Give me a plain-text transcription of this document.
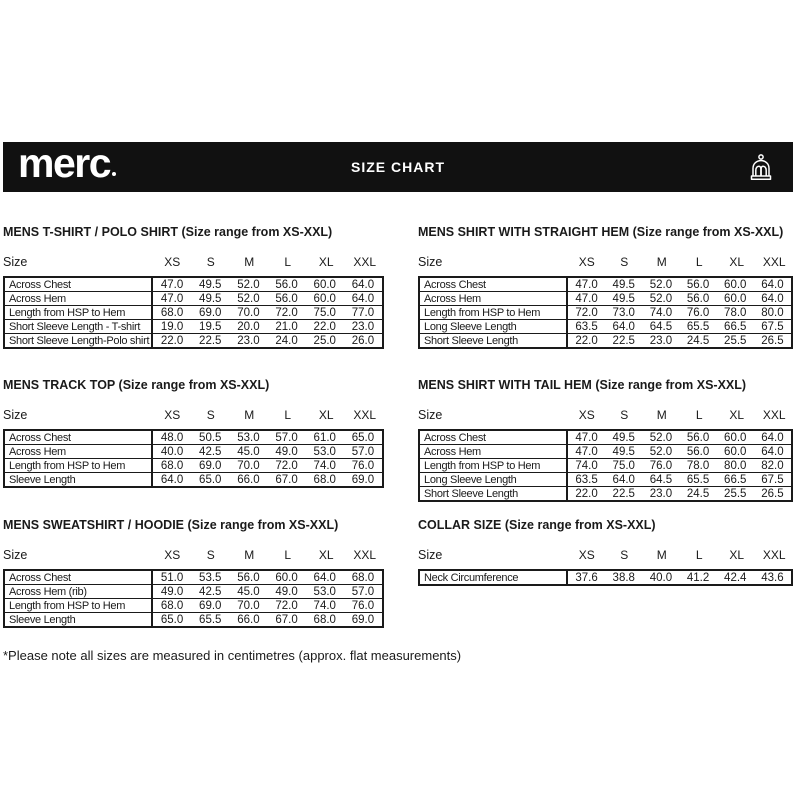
merc	SIZE CHART
MENS T-SHIRT / POLO SHIRT (Size range from XS-XXL)
Size	XS	S	M	L	XL	XXL
Across Chest	47.0	49.5	52.0	56.0	60.0	64.0
Across Hem	47.0	49.5	52.0	56.0	60.0	64.0
Length from HSP to Hem	68.0	69.0	70.0	72.0	75.0	77.0
Short Sleeve Length - T-shirt	19.0	19.5	20.0	21.0	22.0	23.0
Short Sleeve Length-Polo shirt	22.0	22.5	23.0	24.0	25.0	26.0
MENS SHIRT WITH STRAIGHT HEM (Size range from XS-XXL)
Size	XS	S	M	L	XL	XXL
Across Chest	47.0	49.5	52.0	56.0	60.0	64.0
Across Hem	47.0	49.5	52.0	56.0	60.0	64.0
Length from HSP to Hem	72.0	73.0	74.0	76.0	78.0	80.0
Long Sleeve Length	63.5	64.0	64.5	65.5	66.5	67.5
Short Sleeve Length	22.0	22.5	23.0	24.5	25.5	26.5
MENS TRACK TOP (Size range from XS-XXL)
Size	XS	S	M	L	XL	XXL
Across Chest	48.0	50.5	53.0	57.0	61.0	65.0
Across Hem	40.0	42.5	45.0	49.0	53.0	57.0
Length from HSP to Hem	68.0	69.0	70.0	72.0	74.0	76.0
Sleeve Length	64.0	65.0	66.0	67.0	68.0	69.0
MENS SHIRT WITH TAIL HEM (Size range from XS-XXL)
Size	XS	S	M	L	XL	XXL
Across Chest	47.0	49.5	52.0	56.0	60.0	64.0
Across Hem	47.0	49.5	52.0	56.0	60.0	64.0
Length from HSP to Hem	74.0	75.0	76.0	78.0	80.0	82.0
Long Sleeve Length	63.5	64.0	64.5	65.5	66.5	67.5
Short Sleeve Length	22.0	22.5	23.0	24.5	25.5	26.5
MENS SWEATSHIRT / HOODIE (Size range from XS-XXL)
Size	XS	S	M	L	XL	XXL
Across Chest	51.0	53.5	56.0	60.0	64.0	68.0
Across Hem (rib)	49.0	42.5	45.0	49.0	53.0	57.0
Length from HSP to Hem	68.0	69.0	70.0	72.0	74.0	76.0
Sleeve Length	65.0	65.5	66.0	67.0	68.0	69.0
COLLAR SIZE (Size range from XS-XXL)
Size	XS	S	M	L	XL	XXL
Neck Circumference	37.6	38.8	40.0	41.2	42.4	43.6

*Please note all sizes are measured in centimetres (approx. flat measurements)
